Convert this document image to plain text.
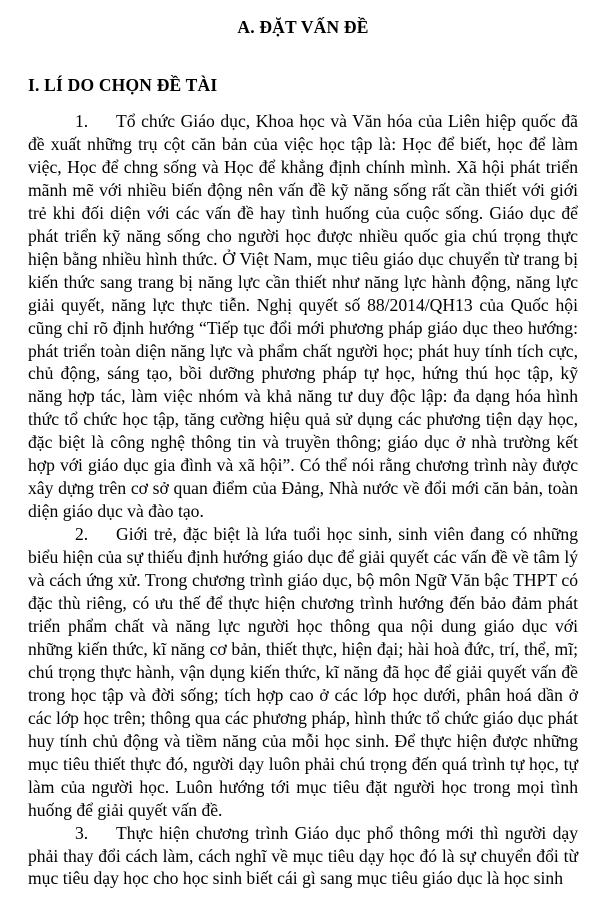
A. ĐẶT VẤN ĐỀ
I. LÍ DO CHỌN ĐỀ TÀI

1. Tổ chức Giáo dục, Khoa học và Văn hóa của Liên hiệp quốc đã đề xuất những trụ cột căn bản của việc học tập là: Học để biết, học để làm việc, Học để chng sống và Học để khẳng định chính mình. Xã hội phát triển mãnh mẽ với nhiều biến động nên vấn đề kỹ năng sống rất cần thiết với giới trẻ khi đối diện với các vấn đề hay tình huống của cuộc sống. Giáo dục để phát triển kỹ năng sống cho người học được nhiều quốc gia chú trọng thực hiện bằng nhiều hình thức. Ở Việt Nam, mục tiêu giáo dục chuyển từ trang bị kiến thức sang trang bị năng lực cần thiết như năng lực hành động, năng lực giải quyết, năng lực thực tiễn. Nghị quyết số 88/2014/QH13 của Quốc hội cũng chỉ rõ định hướng “Tiếp tục đổi mới phương pháp giáo dục theo hướng: phát triển toàn diện năng lực và phẩm chất người học; phát huy tính tích cực, chủ động, sáng tạo, bồi dưỡng phương pháp tự học, hứng thú học tập, kỹ năng hợp tác, làm việc nhóm và khả năng tư duy độc lập: đa dạng hóa hình thức tổ chức học tập, tăng cường hiệu quả sử dụng các phương tiện dạy học, đặc biệt là công nghệ thông tin và truyền thông; giáo dục ở nhà trường kết hợp với giáo dục gia đình và xã hội”. Có thể nói rằng chương trình này được xây dựng trên cơ sở quan điểm của Đảng, Nhà nước về đổi mới căn bản, toàn diện giáo dục và đào tạo.

2. Giới trẻ, đặc biệt là lứa tuổi học sinh, sinh viên đang có những biểu hiện của sự thiếu định hướng giáo dục để giải quyết các vấn đề về tâm lý và cách ứng xử. Trong chương trình giáo dục, bộ môn Ngữ Văn bậc THPT có đặc thù riêng, có ưu thế để thực hiện chương trình hướng đến bảo đảm phát triển phẩm chất và năng lực người học thông qua nội dung giáo dục với những kiến thức, kĩ năng cơ bản, thiết thực, hiện đại; hài hoà đức, trí, thể, mĩ; chú trọng thực hành, vận dụng kiến thức, kĩ năng đã học để giải quyết vấn đề trong học tập và đời sống; tích hợp cao ở các lớp học dưới, phân hoá dần ở các lớp học trên; thông qua các phương pháp, hình thức tổ chức giáo dục phát huy tính chủ động và tiềm năng của mỗi học sinh. Để thực hiện được những mục tiêu thiết thực đó, người dạy luôn phải chú trọng đến quá trình tự học, tự làm của người học. Luôn hướng tới mục tiêu đặt người học trong mọi tình huống để giải quyết vấn đề.

3. Thực hiện chương trình Giáo dục phổ thông mới thì người dạy phải thay đổi cách làm, cách nghĩ về mục tiêu dạy học đó là sự chuyển đổi từ mục tiêu dạy học cho học sinh biết cái gì sang mục tiêu giáo dục là học sinh
